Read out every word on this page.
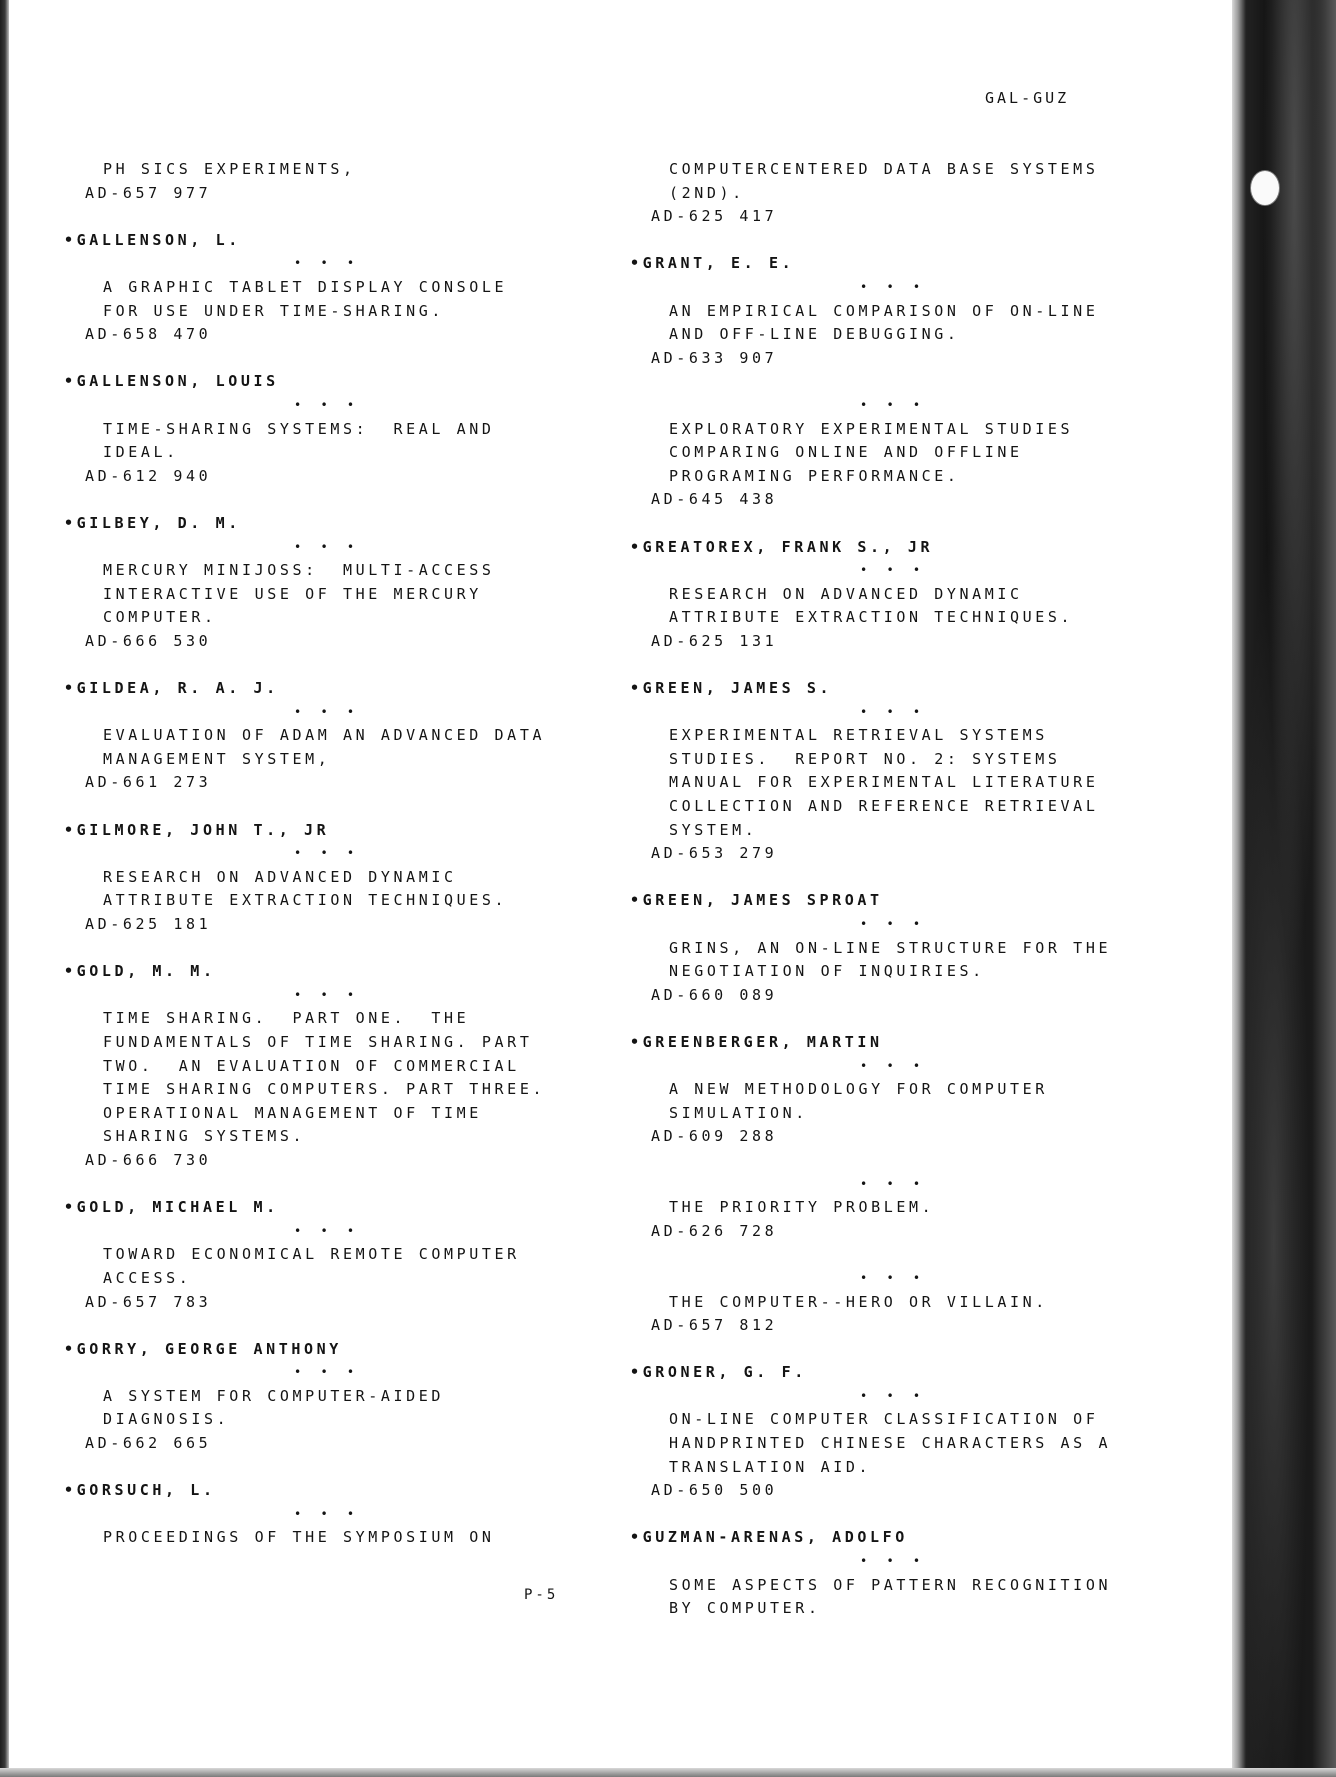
GAL-GUZ
PH SICS EXPERIMENTS,
AD-657 977
•GALLENSON, L.
• • •
A GRAPHIC TABLET DISPLAY CONSOLE
FOR USE UNDER TIME-SHARING.
AD-658 470
•GALLENSON, LOUIS
• • •
TIME-SHARING SYSTEMS:  REAL AND
IDEAL.
AD-612 940
•GILBEY, D. M.
• • •
MERCURY MINIJOSS:  MULTI-ACCESS
INTERACTIVE USE OF THE MERCURY
COMPUTER.
AD-666 530
•GILDEA, R. A. J.
• • •
EVALUATION OF ADAM AN ADVANCED DATA
MANAGEMENT SYSTEM,
AD-661 273
•GILMORE, JOHN T., JR
• • •
RESEARCH ON ADVANCED DYNAMIC
ATTRIBUTE EXTRACTION TECHNIQUES.
AD-625 181
•GOLD, M. M.
• • •
TIME SHARING.  PART ONE.  THE
FUNDAMENTALS OF TIME SHARING. PART
TWO.  AN EVALUATION OF COMMERCIAL
TIME SHARING COMPUTERS. PART THREE.
OPERATIONAL MANAGEMENT OF TIME
SHARING SYSTEMS.
AD-666 730
•GOLD, MICHAEL M.
• • •
TOWARD ECONOMICAL REMOTE COMPUTER
ACCESS.
AD-657 783
•GORRY, GEORGE ANTHONY
• • •
A SYSTEM FOR COMPUTER-AIDED
DIAGNOSIS.
AD-662 665
•GORSUCH, L.
• • •
PROCEEDINGS OF THE SYMPOSIUM ON
COMPUTERCENTERED DATA BASE SYSTEMS
(2ND).
AD-625 417
•GRANT, E. E.
• • •
AN EMPIRICAL COMPARISON OF ON-LINE
AND OFF-LINE DEBUGGING.
AD-633 907
• • •
EXPLORATORY EXPERIMENTAL STUDIES
COMPARING ONLINE AND OFFLINE
PROGRAMING PERFORMANCE.
AD-645 438
•GREATOREX, FRANK S., JR
• • •
RESEARCH ON ADVANCED DYNAMIC
ATTRIBUTE EXTRACTION TECHNIQUES.
AD-625 131
•GREEN, JAMES S.
• • •
EXPERIMENTAL RETRIEVAL SYSTEMS
STUDIES.  REPORT NO. 2: SYSTEMS
MANUAL FOR EXPERIMENTAL LITERATURE
COLLECTION AND REFERENCE RETRIEVAL
SYSTEM.
AD-653 279
•GREEN, JAMES SPROAT
• • •
GRINS, AN ON-LINE STRUCTURE FOR THE
NEGOTIATION OF INQUIRIES.
AD-660 089
•GREENBERGER, MARTIN
• • •
A NEW METHODOLOGY FOR COMPUTER
SIMULATION.
AD-609 288
• • •
THE PRIORITY PROBLEM.
AD-626 728
• • •
THE COMPUTER--HERO OR VILLAIN.
AD-657 812
•GRONER, G. F.
• • •
ON-LINE COMPUTER CLASSIFICATION OF
HANDPRINTED CHINESE CHARACTERS AS A
TRANSLATION AID.
AD-650 500
•GUZMAN-ARENAS, ADOLFO
• • •
SOME ASPECTS OF PATTERN RECOGNITION
BY COMPUTER.
P-5
